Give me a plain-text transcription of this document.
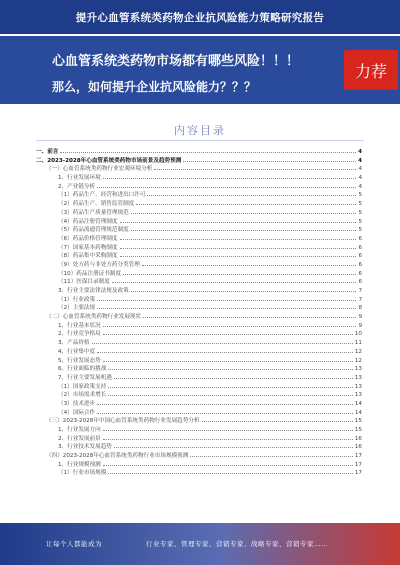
提升心血管系统类药物企业抗风险能力策略研究报告
心血管系统类药物市场都有哪些风险！！！
那么，如何提升企业抗风险能力？？？
力荐
内容目录
一、前言	4
二、2023-2028年心血管系统类药物市场前景及趋势预测	4
（一）心血管系统类药物行业宏观环境分析	4
1、行业发展环境	4
2、产业链分析	4
（1）药品生产、经营和进出口许可	5
（2）药品生产、销售监管制度	5
（3）药品生产质量管理规范	5
（4）药品注册管理制度	5
（5）药品流通管理规范制度	5
（6）药品价格管理制度	6
（7）国家基本药物制度	6
（8）药品集中采购制度	6
（9）处方药与非处方药分类管理	6
（10）药品注册证书制度	6
（11）医保目录制度	6
3、行业主要法律法规及政策	7
（1）行业政策	7
（2）主要法规	8
（二）心血管系统类药物行业发展现状	9
1、行业基本状况	9
2、行业竞争格局	10
3、产品价格	11
4、行业集中度	12
5、行业发展态势	12
6、行业面临的挑战	13
7、行业主要发展机遇	13
（1）国家政策支持	13
（2）市场需求增长	13
（3）技术进步	14
（4）国际合作	14
（三）2023-2028年中国心血管系统类药物行业发展趋势分析	15
1、行业发展方向	15
2、行业发展前景	16
3、行业技术发展趋势	16
（四）2023-2028年心血管系统类药物行业市场规模预测	17
1、行业规模预测	17
（1）行业市场规模	17
让每个人都能成为	行业专家、管理专家、营销专家、战略专家、营销专家……
